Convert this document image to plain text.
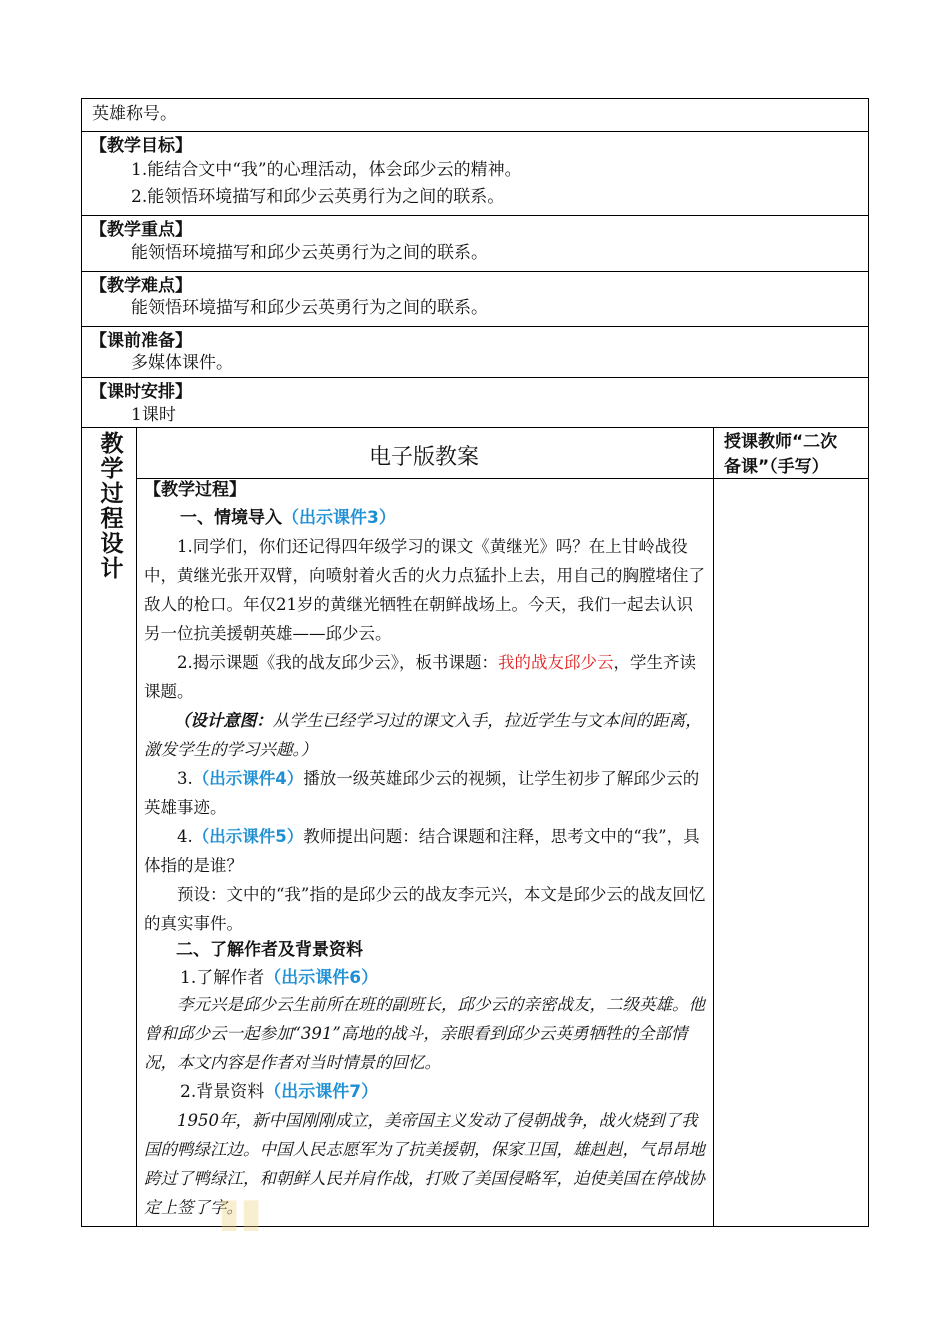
英雄称号。
【教学目标】
1.能结合文中“我”的心理活动，体会邱少云的精神。
2.能领悟环境描写和邱少云英勇行为之间的联系。
【教学重点】
能领悟环境描写和邱少云英勇行为之间的联系。
【教学难点】
能领悟环境描写和邱少云英勇行为之间的联系。
【课前准备】
多媒体课件。
【课时安排】
1课时
教
学
过
程
设
计
电子版教案
授课教师“二次
备课”（手写）
【教学过程】
一、情境导入（出示课件3）
1.同学们，你们还记得四年级学习的课文《黄继光》吗？在上甘岭战役中，黄继光张开双臂，向喷射着火舌的火力点猛扑上去，用自己的胸膛堵住了敌人的枪口。年仅21岁的黄继光牺牲在朝鲜战场上。今天，我们一起去认识另一位抗美援朝英雄——邱少云。
2.揭示课题《我的战友邱少云》，板书课题：我的战友邱少云，学生齐读课题。
（设计意图：从学生已经学习过的课文入手，拉近学生与文本间的距离，激发学生的学习兴趣。）
3.（出示课件4）播放一级英雄邱少云的视频，让学生初步了解邱少云的英雄事迹。
4.（出示课件5）教师提出问题：结合课题和注释，思考文中的“我”，具体指的是谁？
预设：文中的“我”指的是邱少云的战友李元兴，本文是邱少云的战友回忆的真实事件。
二、了解作者及背景资料
1.了解作者（出示课件6）
李元兴是邱少云生前所在班的副班长，邱少云的亲密战友，二级英雄。他曾和邱少云一起参加“391”高地的战斗，亲眼看到邱少云英勇牺牲的全部情况，本文内容是作者对当时情景的回忆。
2.背景资料（出示课件7）
1950年，新中国刚刚成立，美帝国主义发动了侵朝战争，战火烧到了我国的鸭绿江边。中国人民志愿军为了抗美援朝，保家卫国，雄赳赳，气昂昂地跨过了鸭绿江，和朝鲜人民并肩作战，打败了美国侵略军，迫使美国在停战协定上签了字。
▮▮
